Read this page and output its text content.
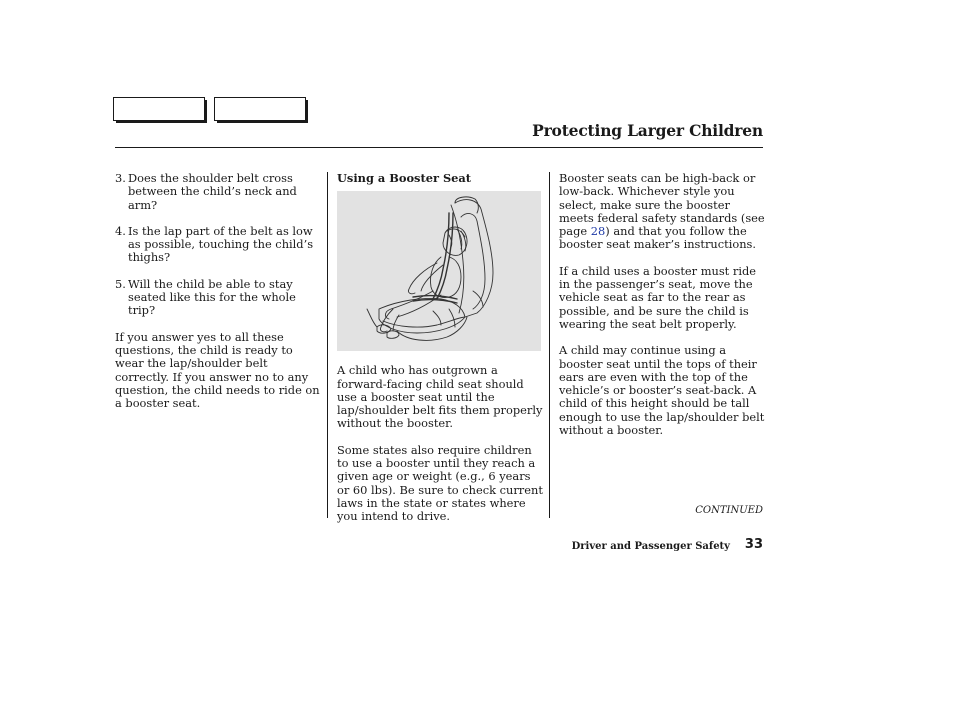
Protecting Larger Children
3. Does the shoulder belt cross between the child’s neck and arm?
4. Is the lap part of the belt as low as possible, touching the child’s thighs?
5. Will the child be able to stay seated like this for the whole trip?

If you answer yes to all these questions, the child is ready to wear the lap/shoulder belt correctly. If you answer no to any question, the child needs to ride on a booster seat.

Using a Booster Seat

A child who has outgrown a forward-facing child seat should use a booster seat until the lap/shoulder belt fits them properly without the booster.

Some states also require children to use a booster until they reach a given age or weight (e.g., 6 years or 60 lbs). Be sure to check current laws in the state or states where you intend to drive.

Booster seats can be high-back or low-back. Whichever style you select, make sure the booster meets federal safety standards (see page 28) and that you follow the booster seat maker’s instructions.

If a child uses a booster must ride in the passenger’s seat, move the vehicle seat as far to the rear as possible, and be sure the child is wearing the seat belt properly.

A child may continue using a booster seat until the tops of their ears are even with the top of the vehicle’s or booster’s seat-back. A child of this height should be tall enough to use the lap/shoulder belt without a booster.

CONTINUED
Driver and Passenger Safety 33
